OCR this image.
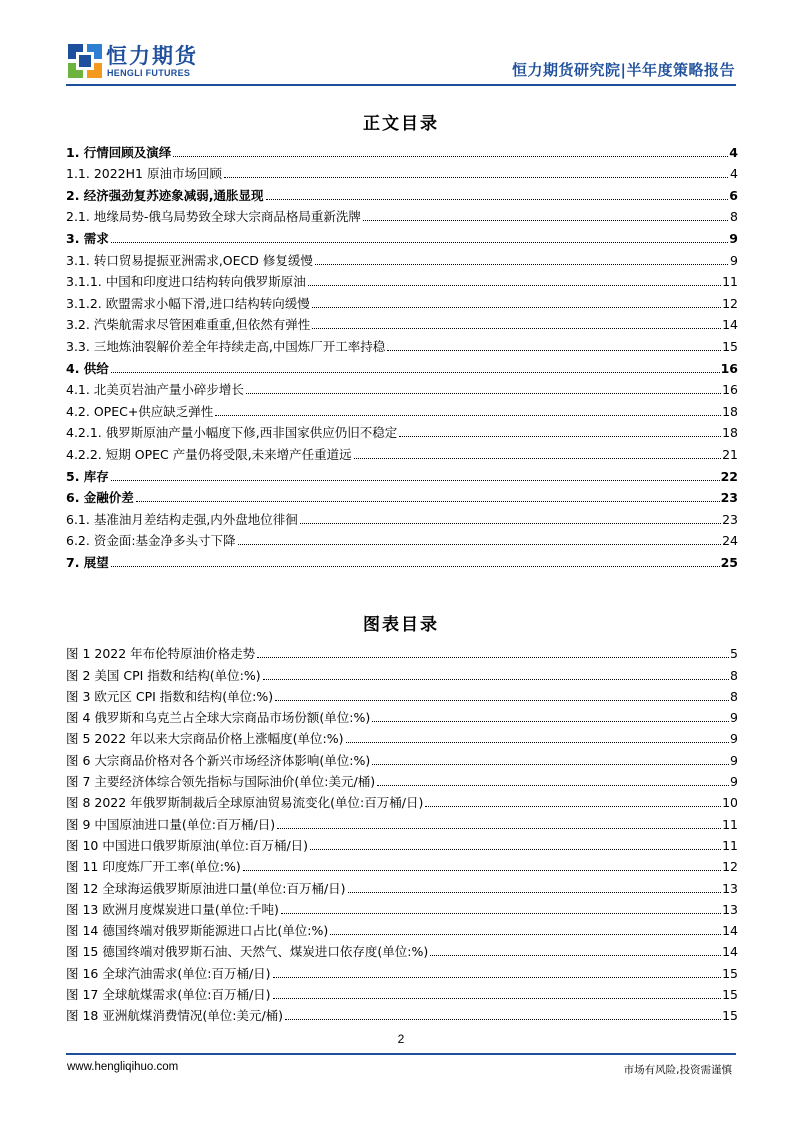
恒力期货
HENGLI FUTURES	恒力期货研究院|半年度策略报告
正文目录
1. 行情回顾及演绎	4
1.1. 2022H1 原油市场回顾	4
2. 经济强劲复苏迹象减弱,通胀显现	6
2.1. 地缘局势-俄乌局势致全球大宗商品格局重新洗牌	8
3. 需求	9
3.1. 转口贸易提振亚洲需求,OECD 修复缓慢	9
3.1.1. 中国和印度进口结构转向俄罗斯原油	11
3.1.2. 欧盟需求小幅下滑,进口结构转向缓慢	12
3.2. 汽柴航需求尽管困难重重,但依然有弹性	14
3.3. 三地炼油裂解价差全年持续走高,中国炼厂开工率持稳	15
4. 供给	16
4.1. 北美页岩油产量小碎步增长	16
4.2. OPEC+供应缺乏弹性	18
4.2.1. 俄罗斯原油产量小幅度下修,西非国家供应仍旧不稳定	18
4.2.2. 短期 OPEC 产量仍将受限,未来增产任重道远	21
5. 库存	22
6. 金融价差	23
6.1. 基准油月差结构走强,内外盘地位徘徊	23
6.2. 资金面:基金净多头寸下降	24
7. 展望	25
图表目录
图 1 2022 年布伦特原油价格走势	5
图 2 美国 CPI 指数和结构(单位:%)	8
图 3 欧元区 CPI 指数和结构(单位:%)	8
图 4 俄罗斯和乌克兰占全球大宗商品市场份额(单位:%)	9
图 5 2022 年以来大宗商品价格上涨幅度(单位:%)	9
图 6 大宗商品价格对各个新兴市场经济体影响(单位:%)	9
图 7 主要经济体综合领先指标与国际油价(单位:美元/桶)	9
图 8 2022 年俄罗斯制裁后全球原油贸易流变化(单位:百万桶/日)	10
图 9 中国原油进口量(单位:百万桶/日)	11
图 10 中国进口俄罗斯原油(单位:百万桶/日)	11
图 11 印度炼厂开工率(单位:%)	12
图 12 全球海运俄罗斯原油进口量(单位:百万桶/日)	13
图 13 欧洲月度煤炭进口量(单位:千吨)	13
图 14 德国终端对俄罗斯能源进口占比(单位:%)	14
图 15 德国终端对俄罗斯石油、天然气、煤炭进口依存度(单位:%)	14
图 16 全球汽油需求(单位:百万桶/日)	15
图 17 全球航煤需求(单位:百万桶/日)	15
图 18 亚洲航煤消费情况(单位:美元/桶)	15
2
www.hengliqihuo.com	市场有风险,投资需谨慎
